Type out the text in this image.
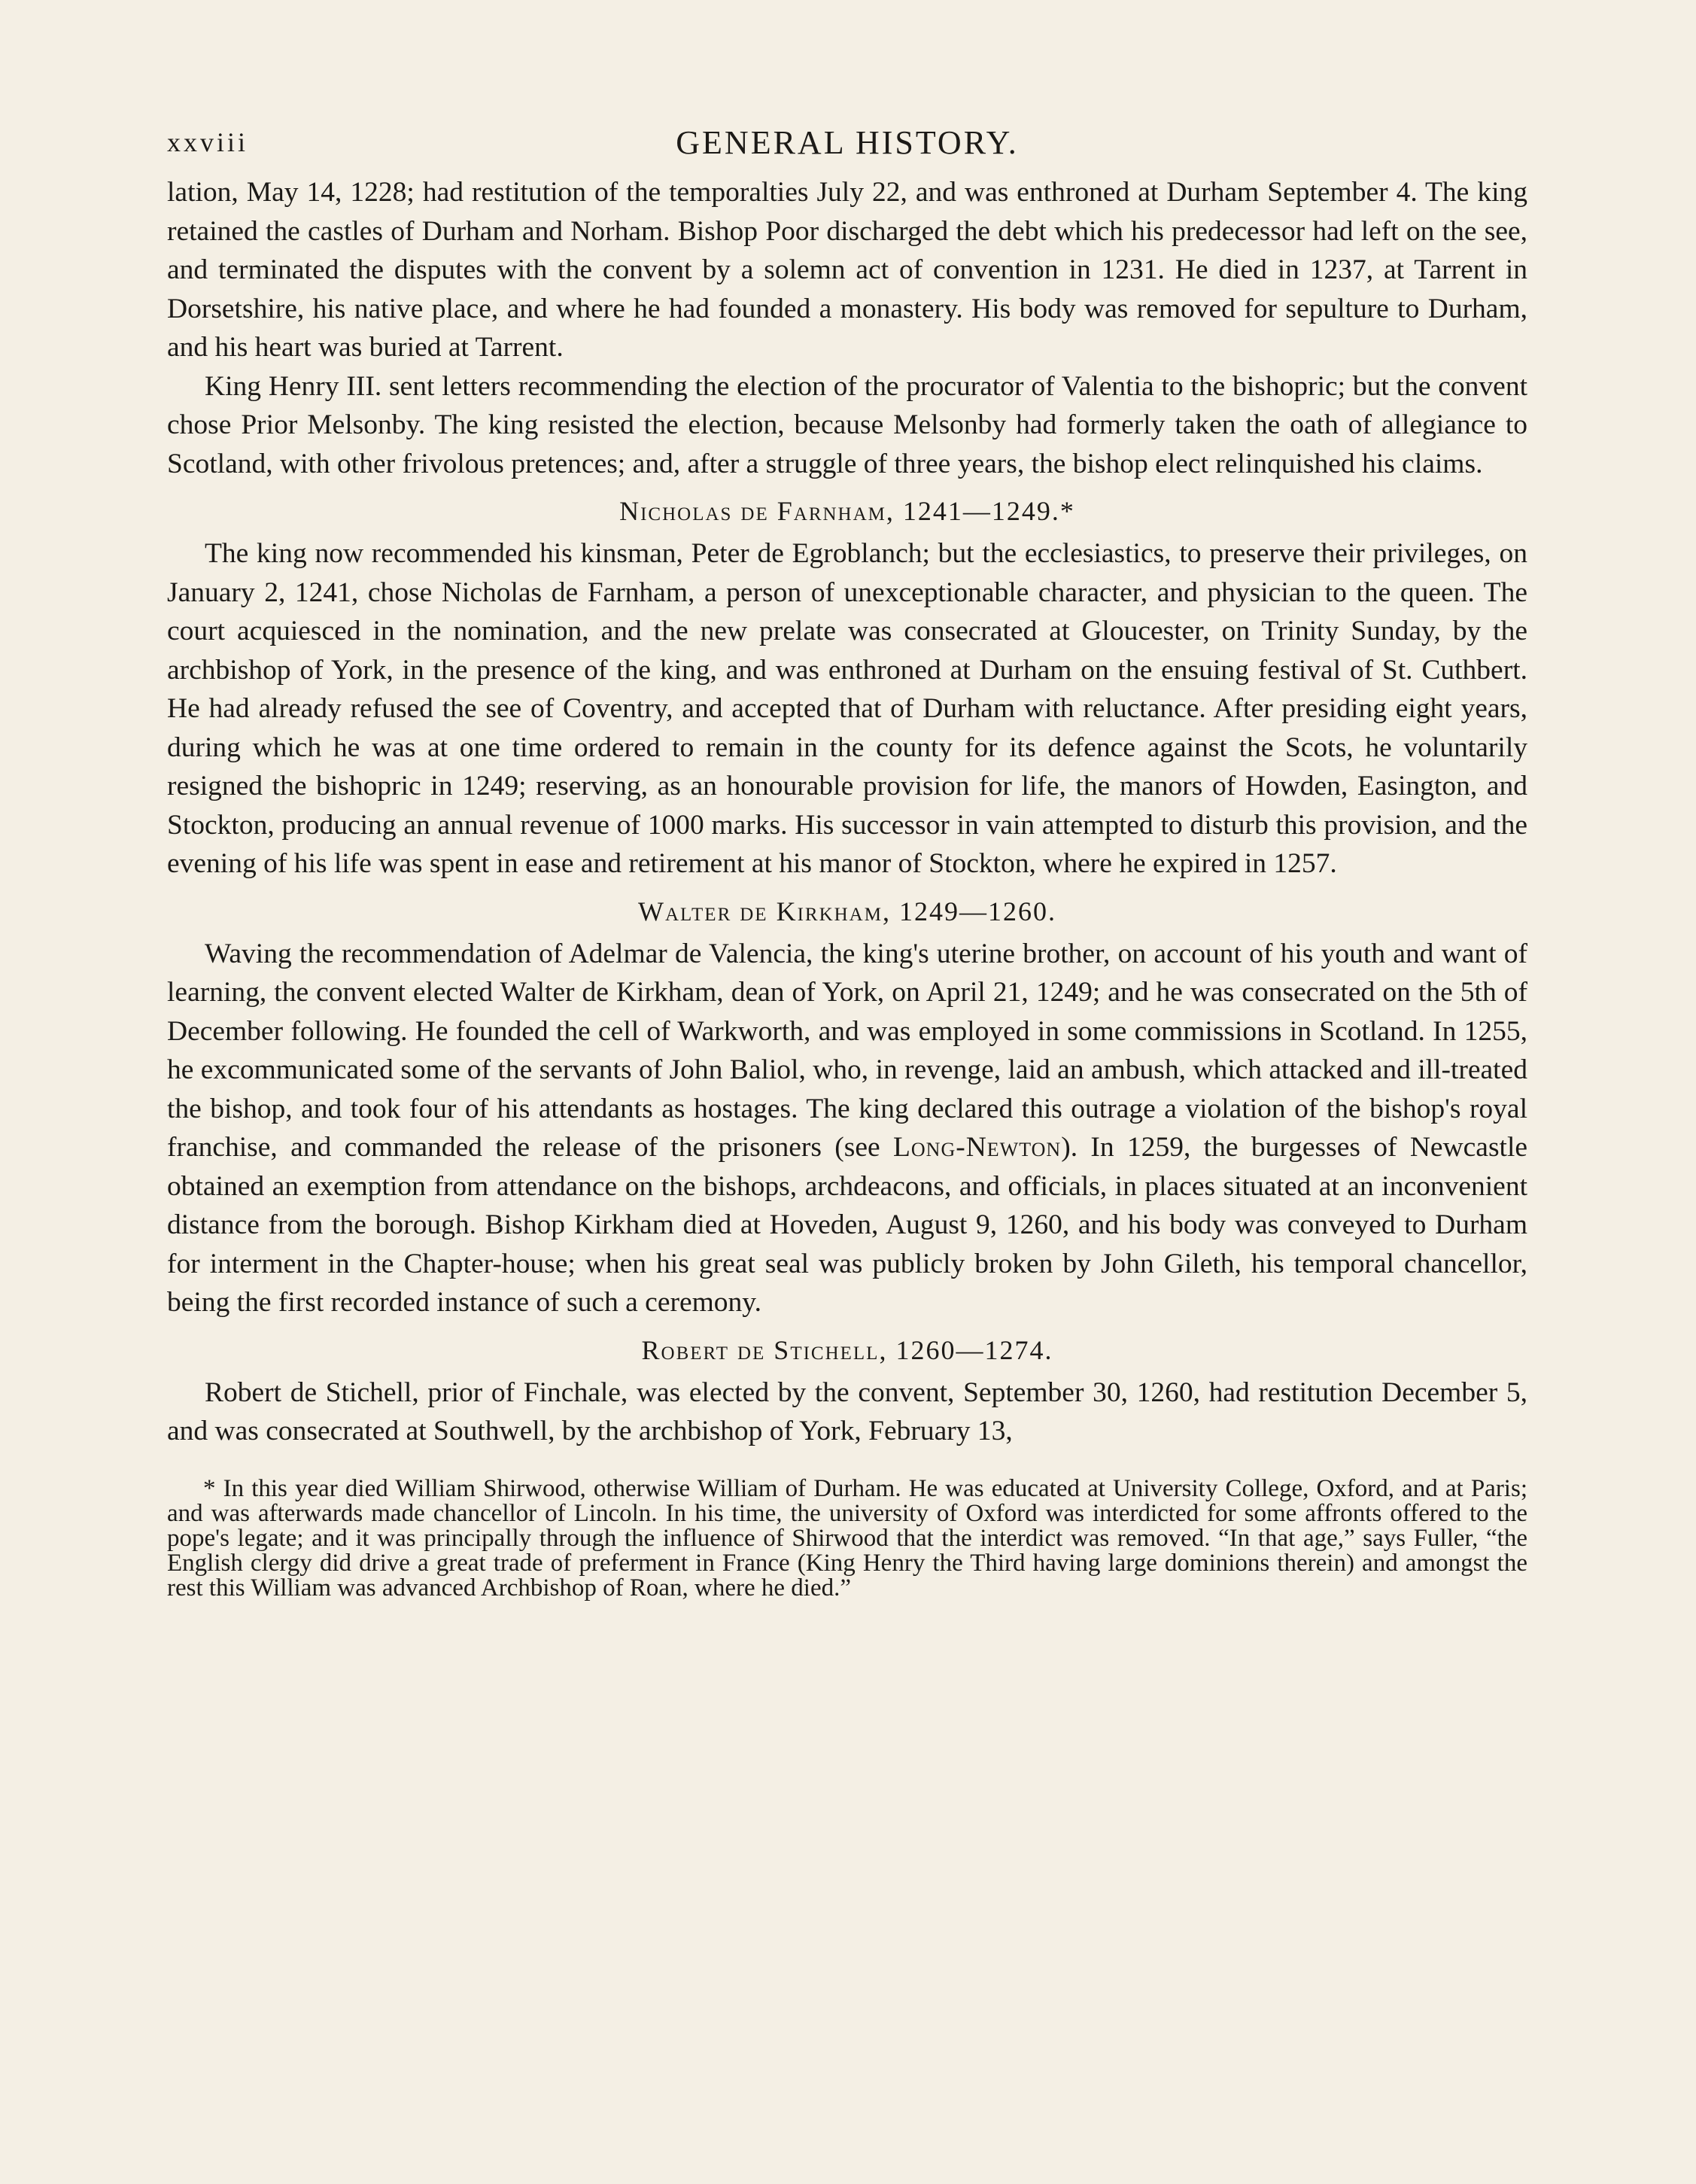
xxviii	GENERAL HISTORY.

lation, May 14, 1228; had restitution of the temporalties July 22, and was enthroned at Durham September 4. The king retained the castles of Durham and Norham. Bishop Poor discharged the debt which his predecessor had left on the see, and terminated the disputes with the convent by a solemn act of convention in 1231. He died in 1237, at Tarrent in Dorsetshire, his native place, and where he had founded a monastery. His body was removed for sepulture to Durham, and his heart was buried at Tarrent.

King Henry III. sent letters recommending the election of the procurator of Valentia to the bishopric; but the convent chose Prior Melsonby. The king resisted the election, because Melsonby had formerly taken the oath of allegiance to Scotland, with other frivolous pretences; and, after a struggle of three years, the bishop elect relinquished his claims.

Nicholas de Farnham, 1241—1249.*

The king now recommended his kinsman, Peter de Egroblanch; but the ecclesiastics, to preserve their privileges, on January 2, 1241, chose Nicholas de Farnham, a person of unexceptionable character, and physician to the queen. The court acquiesced in the nomination, and the new prelate was consecrated at Gloucester, on Trinity Sunday, by the archbishop of York, in the presence of the king, and was enthroned at Durham on the ensuing festival of St. Cuthbert. He had already refused the see of Coventry, and accepted that of Durham with reluctance. After presiding eight years, during which he was at one time ordered to remain in the county for its defence against the Scots, he voluntarily resigned the bishopric in 1249; reserving, as an honourable provision for life, the manors of Howden, Easington, and Stockton, producing an annual revenue of 1000 marks. His successor in vain attempted to disturb this provision, and the evening of his life was spent in ease and retirement at his manor of Stockton, where he expired in 1257.

Walter de Kirkham, 1249—1260.

Waving the recommendation of Adelmar de Valencia, the king's uterine brother, on account of his youth and want of learning, the convent elected Walter de Kirkham, dean of York, on April 21, 1249; and he was consecrated on the 5th of December following. He founded the cell of Warkworth, and was employed in some commissions in Scotland. In 1255, he excommunicated some of the servants of John Baliol, who, in revenge, laid an ambush, which attacked and ill-treated the bishop, and took four of his attendants as hostages. The king declared this outrage a violation of the bishop's royal franchise, and commanded the release of the prisoners (see Long-Newton). In 1259, the burgesses of Newcastle obtained an exemption from attendance on the bishops, archdeacons, and officials, in places situated at an inconvenient distance from the borough. Bishop Kirkham died at Hoveden, August 9, 1260, and his body was conveyed to Durham for interment in the Chapter-house; when his great seal was publicly broken by John Gileth, his temporal chancellor, being the first recorded instance of such a ceremony.

Robert de Stichell, 1260—1274.

Robert de Stichell, prior of Finchale, was elected by the convent, September 30, 1260, had restitution December 5, and was consecrated at Southwell, by the archbishop of York, February 13,

* In this year died William Shirwood, otherwise William of Durham. He was educated at University College, Oxford, and at Paris; and was afterwards made chancellor of Lincoln. In his time, the university of Oxford was interdicted for some affronts offered to the pope's legate; and it was principally through the influence of Shirwood that the interdict was removed. “In that age,” says Fuller, “the English clergy did drive a great trade of preferment in France (King Henry the Third having large dominions therein) and amongst the rest this William was advanced Archbishop of Roan, where he died.”
